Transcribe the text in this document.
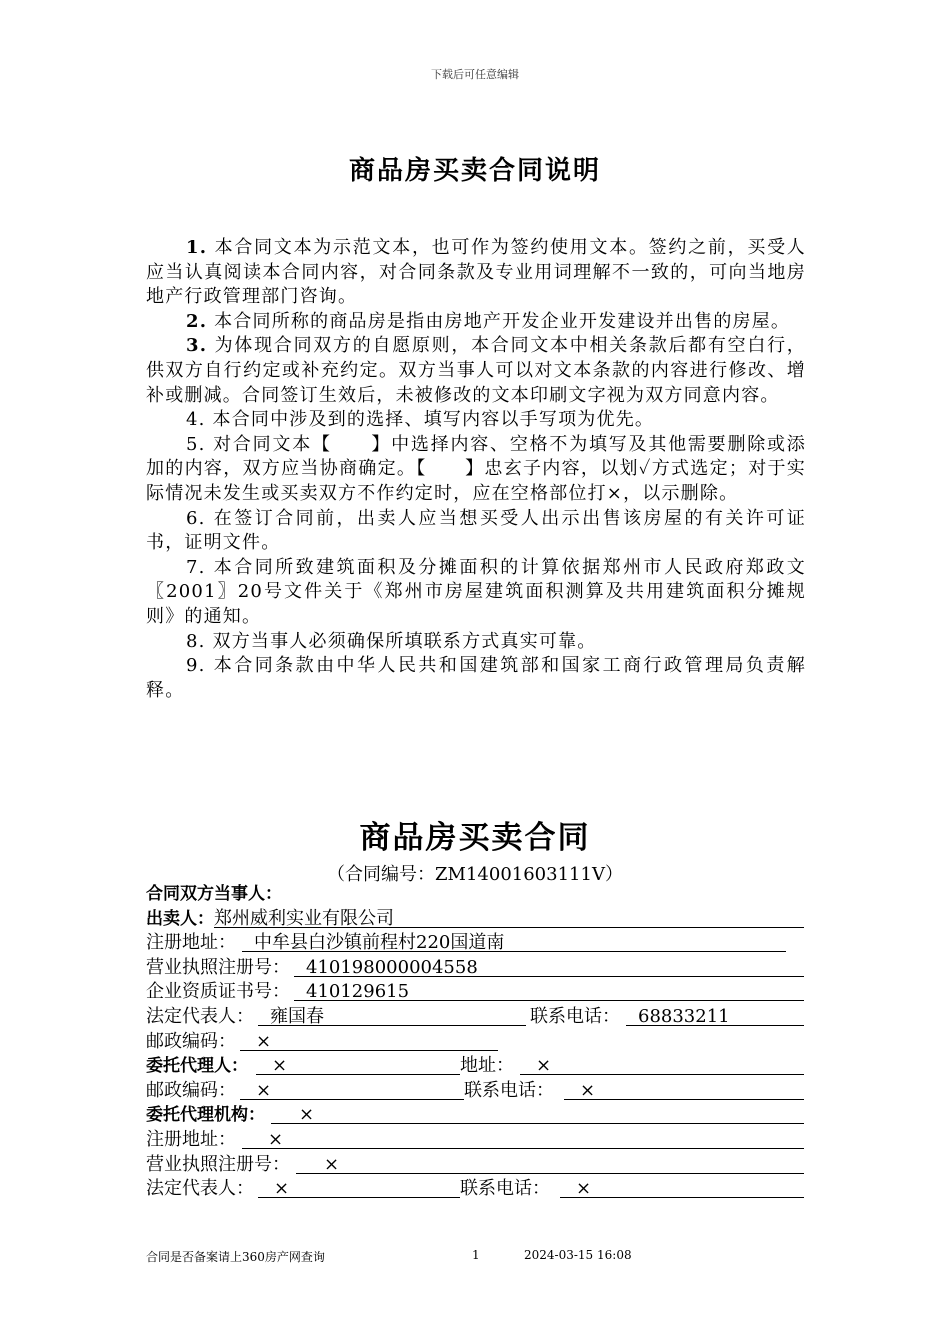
下载后可任意编辑
商品房买卖合同说明

1. 本合同文本为示范文本，也可作为签约使用文本。签约之前，买受人应当认真阅读本合同内容，对合同条款及专业用词理解不一致的，可向当地房地产行政管理部门咨询。

2. 本合同所称的商品房是指由房地产开发企业开发建设并出售的房屋。

3. 为体现合同双方的自愿原则，本合同文本中相关条款后都有空白行，供双方自行约定或补充约定。双方当事人可以对文本条款的内容进行修改、增补或删减。合同签订生效后，未被修改的文本印刷文字视为双方同意内容。

4. 本合同中涉及到的选择、填写内容以手写项为优先。

5. 对合同文本【　　】中选择内容、空格不为填写及其他需要删除或添加的内容，双方应当协商确定。【　　】忠玄子内容，以划✓方式选定；对于实际情况未发生或买卖双方不作约定时，应在空格部位打×，以示删除。

6. 在签订合同前，出卖人应当想买受人出示出售该房屋的有关许可证书，证明文件。

7. 本合同所致建筑面积及分摊面积的计算依据郑州市人民政府郑政文〖2001〗20号文件关于《郑州市房屋建筑面积测算及共用建筑面积分摊规则》的通知。

8. 双方当事人必须确保所填联系方式真实可靠。

9. 本合同条款由中华人民共和国建筑部和国家工商行政管理局负责解释。

商品房买卖合同
（合同编号：ZM14001603111V）
合同双方当事人：
出卖人： 郑州威利实业有限公司
注册地址：	中牟县白沙镇前程村220国道南
营业执照注册号： 410198000004558
企业资质证书号： 410129615
法定代表人： 雍国春	联系电话：	68833211
邮政编码：	×
委托代理人：	×	地址：	×
邮政编码：	×	联系电话：	×
委托代理机构：	×
注册地址：	×
营业执照注册号：	×
法定代表人：	×	联系电话：	×
合同是否备案请上360房产网查询	1	2024-03-15 16:08
